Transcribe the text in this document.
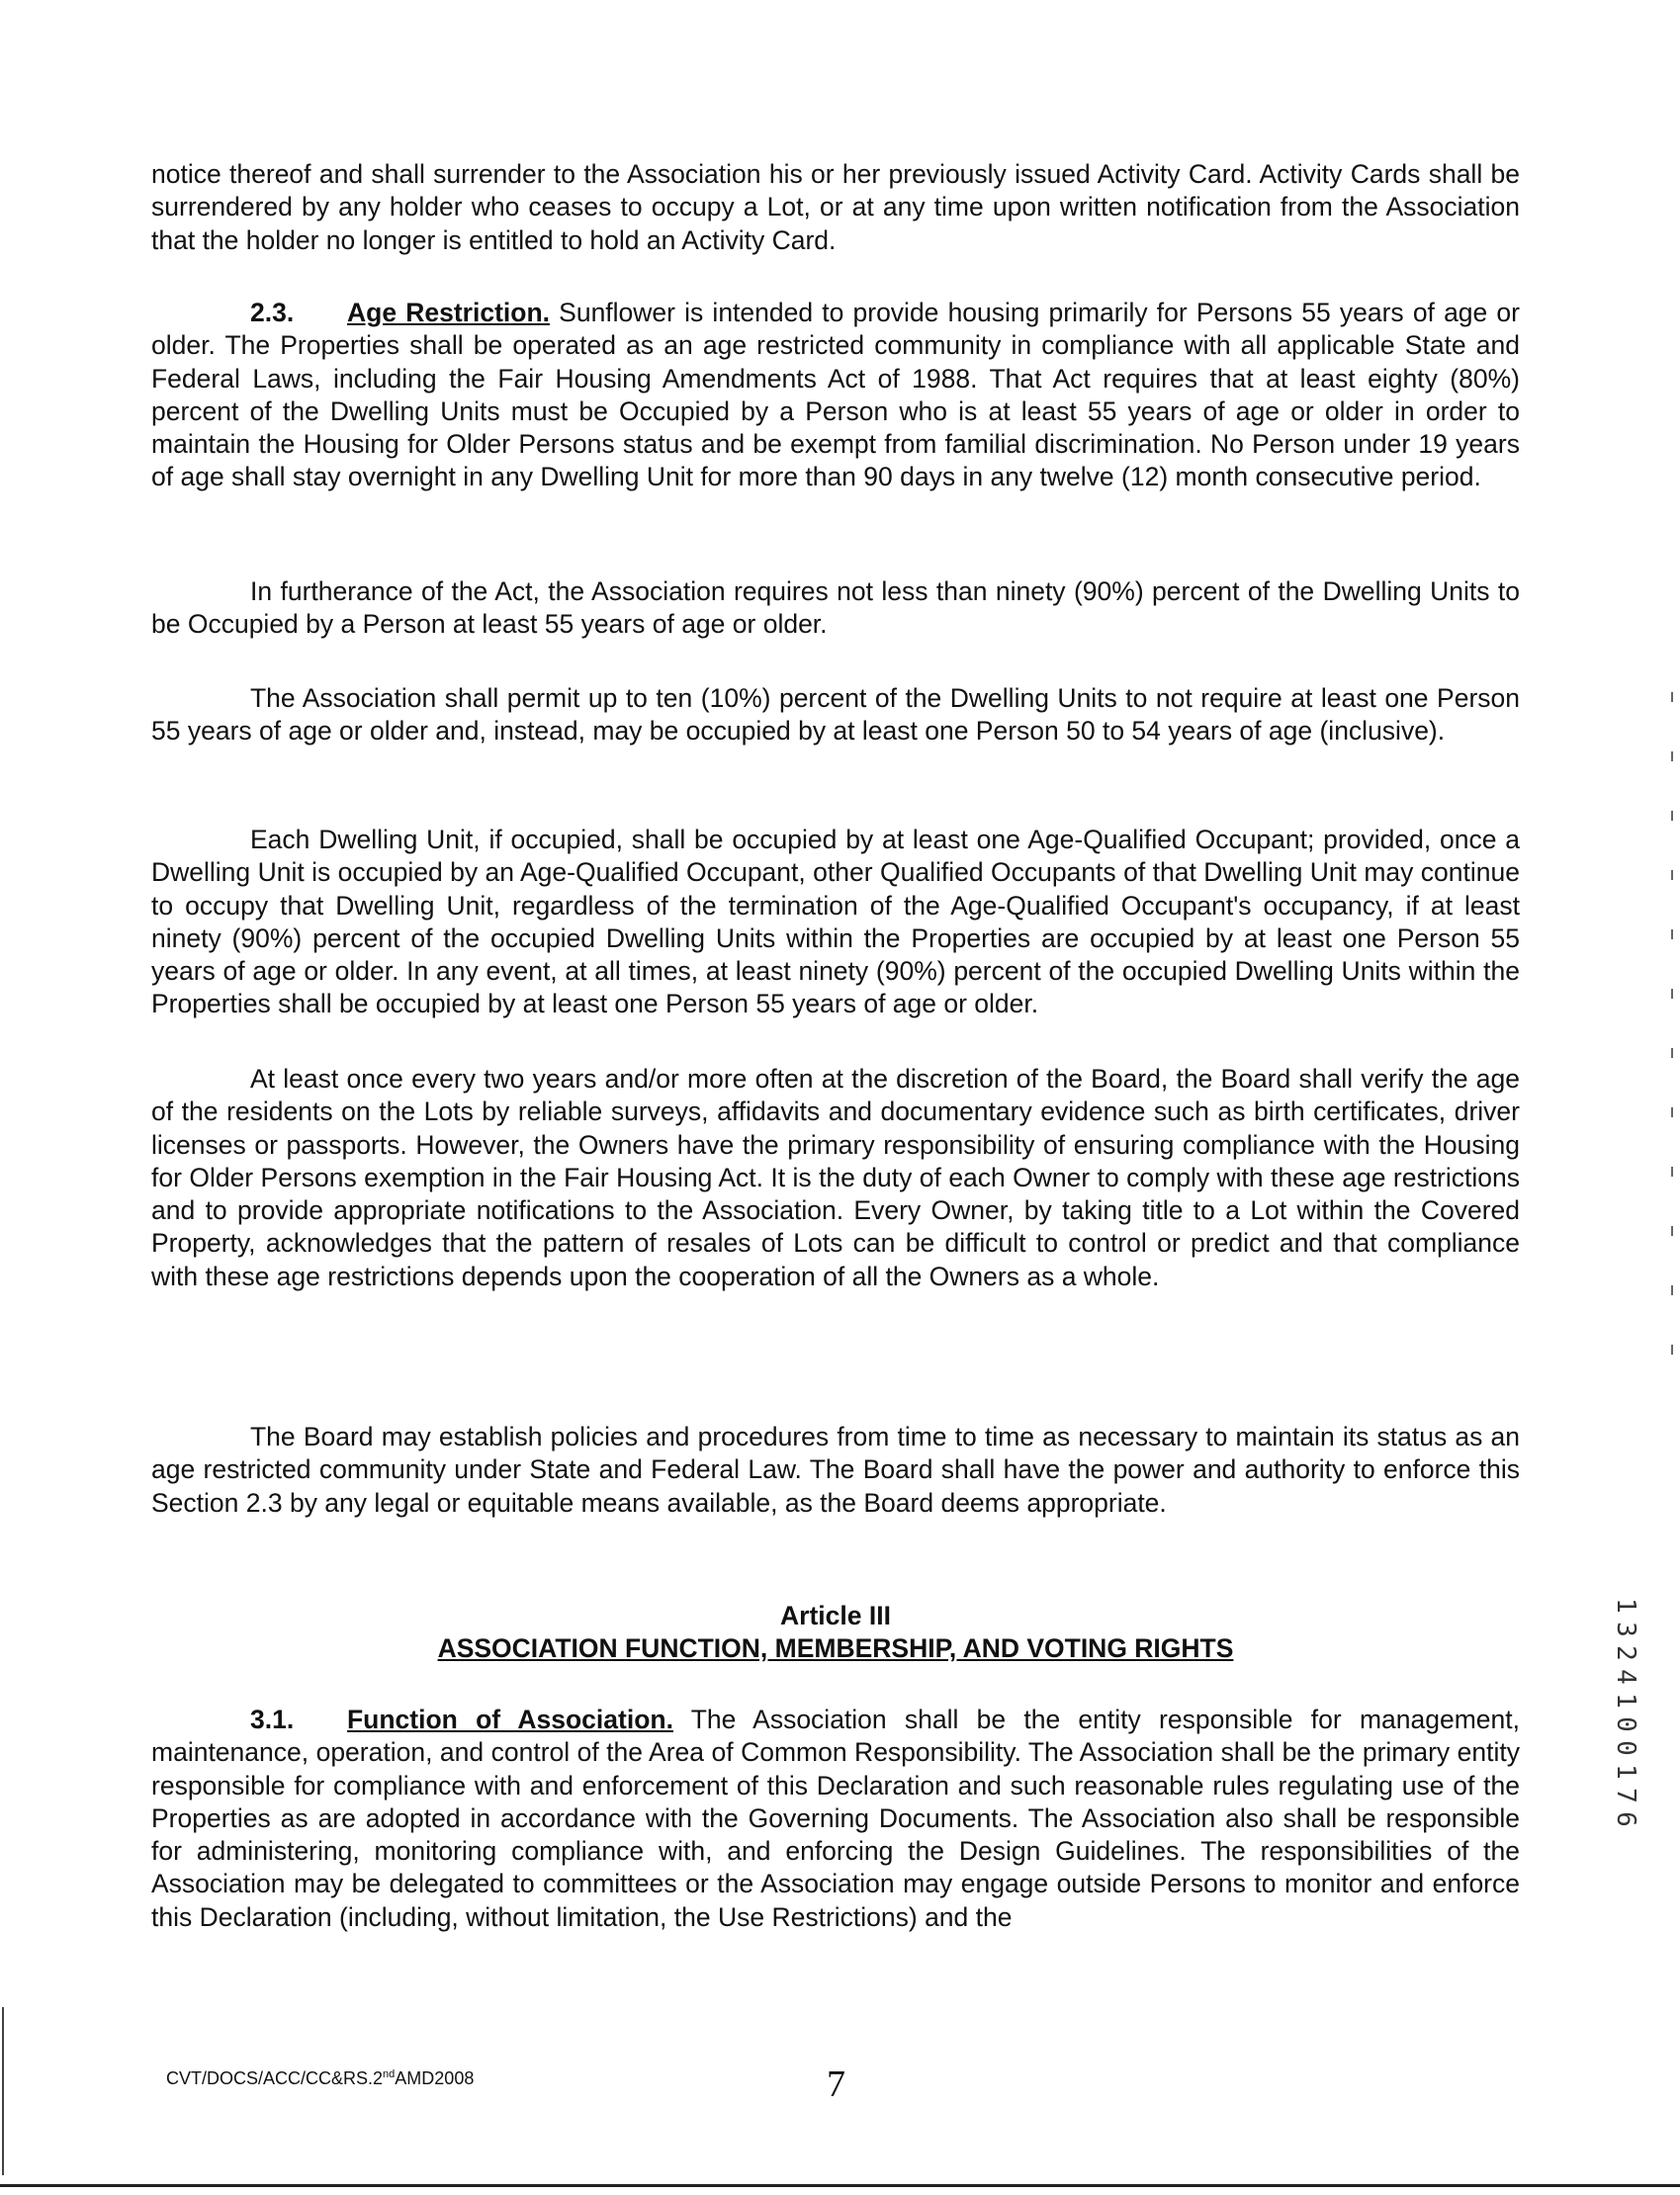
notice thereof and shall surrender to the Association his or her previously issued Activity Card. Activity Cards shall be surrendered by any holder who ceases to occupy a Lot, or at any time upon written notification from the Association that the holder no longer is entitled to hold an Activity Card.

2.3. Age Restriction. Sunflower is intended to provide housing primarily for Persons 55 years of age or older. The Properties shall be operated as an age restricted community in compliance with all applicable State and Federal Laws, including the Fair Housing Amendments Act of 1988. That Act requires that at least eighty (80%) percent of the Dwelling Units must be Occupied by a Person who is at least 55 years of age or older in order to maintain the Housing for Older Persons status and be exempt from familial discrimination. No Person under 19 years of age shall stay overnight in any Dwelling Unit for more than 90 days in any twelve (12) month consecutive period.

In furtherance of the Act, the Association requires not less than ninety (90%) percent of the Dwelling Units to be Occupied by a Person at least 55 years of age or older.

The Association shall permit up to ten (10%) percent of the Dwelling Units to not require at least one Person 55 years of age or older and, instead, may be occupied by at least one Person 50 to 54 years of age (inclusive).

Each Dwelling Unit, if occupied, shall be occupied by at least one Age-Qualified Occupant; provided, once a Dwelling Unit is occupied by an Age-Qualified Occupant, other Qualified Occupants of that Dwelling Unit may continue to occupy that Dwelling Unit, regardless of the termination of the Age-Qualified Occupant's occupancy, if at least ninety (90%) percent of the occupied Dwelling Units within the Properties are occupied by at least one Person 55 years of age or older. In any event, at all times, at least ninety (90%) percent of the occupied Dwelling Units within the Properties shall be occupied by at least one Person 55 years of age or older.

At least once every two years and/or more often at the discretion of the Board, the Board shall verify the age of the residents on the Lots by reliable surveys, affidavits and documentary evidence such as birth certificates, driver licenses or passports. However, the Owners have the primary responsibility of ensuring compliance with the Housing for Older Persons exemption in the Fair Housing Act. It is the duty of each Owner to comply with these age restrictions and to provide appropriate notifications to the Association. Every Owner, by taking title to a Lot within the Covered Property, acknowledges that the pattern of resales of Lots can be difficult to control or predict and that compliance with these age restrictions depends upon the cooperation of all the Owners as a whole.

The Board may establish policies and procedures from time to time as necessary to maintain its status as an age restricted community under State and Federal Law. The Board shall have the power and authority to enforce this Section 2.3 by any legal or equitable means available, as the Board deems appropriate.

Article III
ASSOCIATION FUNCTION, MEMBERSHIP, AND VOTING RIGHTS

3.1. Function of Association. The Association shall be the entity responsible for management, maintenance, operation, and control of the Area of Common Responsibility. The Association shall be the primary entity responsible for compliance with and enforcement of this Declaration and such reasonable rules regulating use of the Properties as are adopted in accordance with the Governing Documents. The Association also shall be responsible for administering, monitoring compliance with, and enforcing the Design Guidelines. The responsibilities of the Association may be delegated to committees or the Association may engage outside Persons to monitor and enforce this Declaration (including, without limitation, the Use Restrictions) and the

CVT/DOCS/ACC/CC&RS.2ndAMD2008	7
1
3
2
4
1
0
0
1
7
6
